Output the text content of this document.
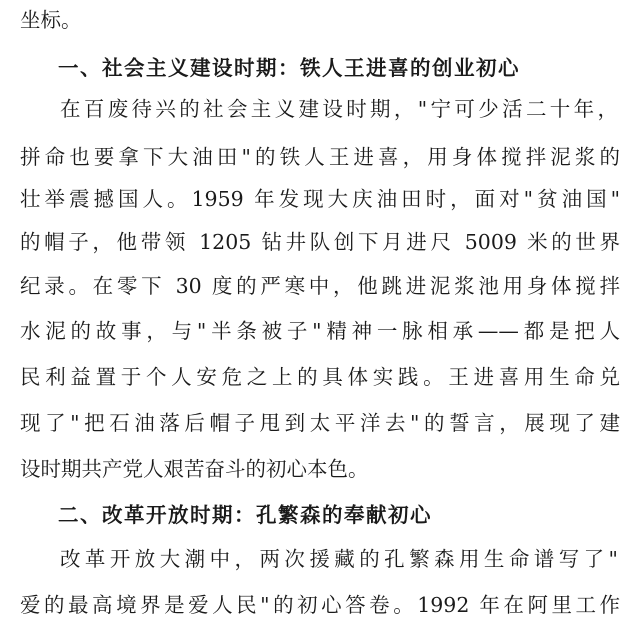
坐标。
一、社会主义建设时期：铁人王进喜的创业初心
在百废待兴的社会主义建设时期，"宁可少活二十年，
拼命也要拿下大油田"的铁人王进喜，用身体搅拌泥浆的
壮举震撼国人。1959 年发现大庆油田时，面对"贫油国"
的帽子，他带领 1205 钻井队创下月进尺 5009 米的世界
纪录。在零下 30 度的严寒中，他跳进泥浆池用身体搅拌
水泥的故事，与"半条被子"精神一脉相承——都是把人
民利益置于个人安危之上的具体实践。王进喜用生命兑
现了"把石油落后帽子甩到太平洋去"的誓言，展现了建
设时期共产党人艰苦奋斗的初心本色。
二、改革开放时期：孔繁森的奉献初心
改革开放大潮中，两次援藏的孔繁森用生命谱写了"
爱的最高境界是爱人民"的初心答卷。1992 年在阿里工作
